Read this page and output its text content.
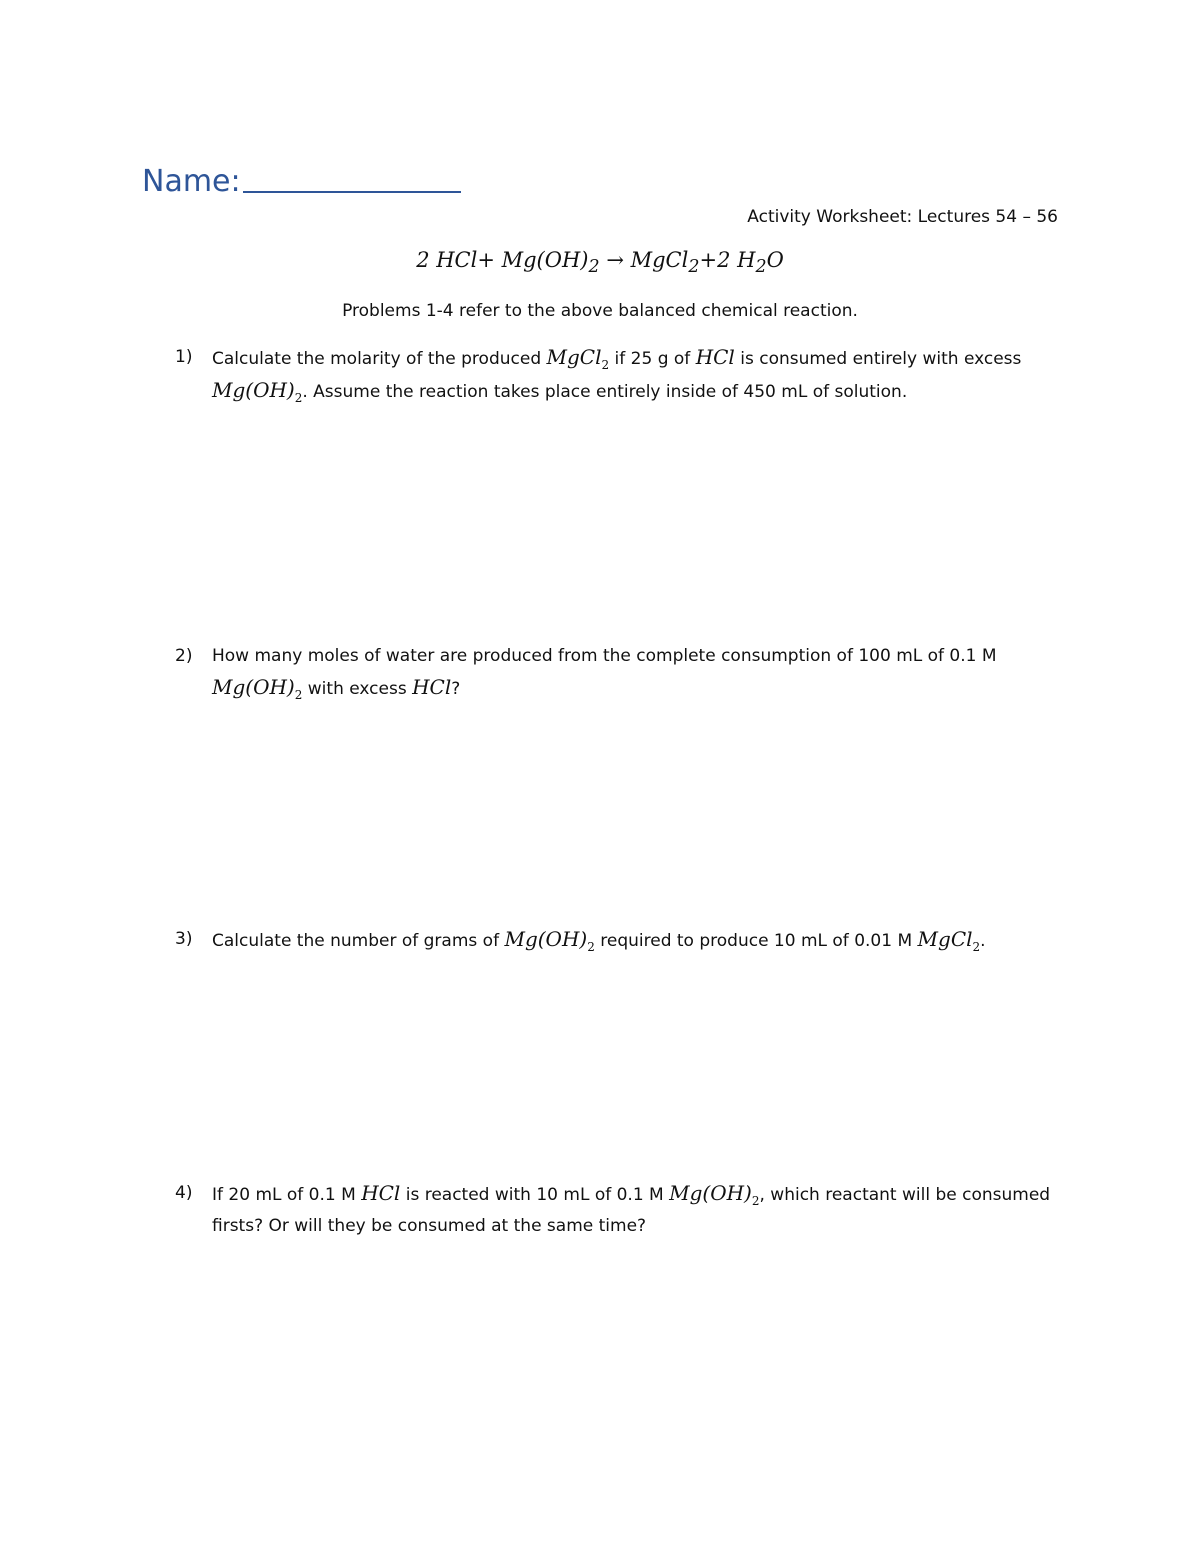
Name:
Activity Worksheet: Lectures 54 – 56
2 $HCl+ Mg(OH)_2$ → MgCl$_2$+2 $H_2O$
Problems 1-4 refer to the above balanced chemical reaction.
1) Calculate the molarity of the produced MgCl$_2$ if 25 g of HCl is consumed entirely with excess $Mg(OH)_2$. Assume the reaction takes place entirely inside of 450 mL of solution.
2) How many moles of water are produced from the complete consumption of 100 mL of 0.1 M $Mg(OH)_2$ with excess HCl?
3) Calculate the number of grams of $Mg(OH)_2$ required to produce 10 mL of 0.01 M MgCl$_2$.
4) If 20 mL of 0.1 M HCl is reacted with 10 mL of 0.1 M $Mg(OH)_2$, which reactant will be consumed firsts? Or will they be consumed at the same time?
